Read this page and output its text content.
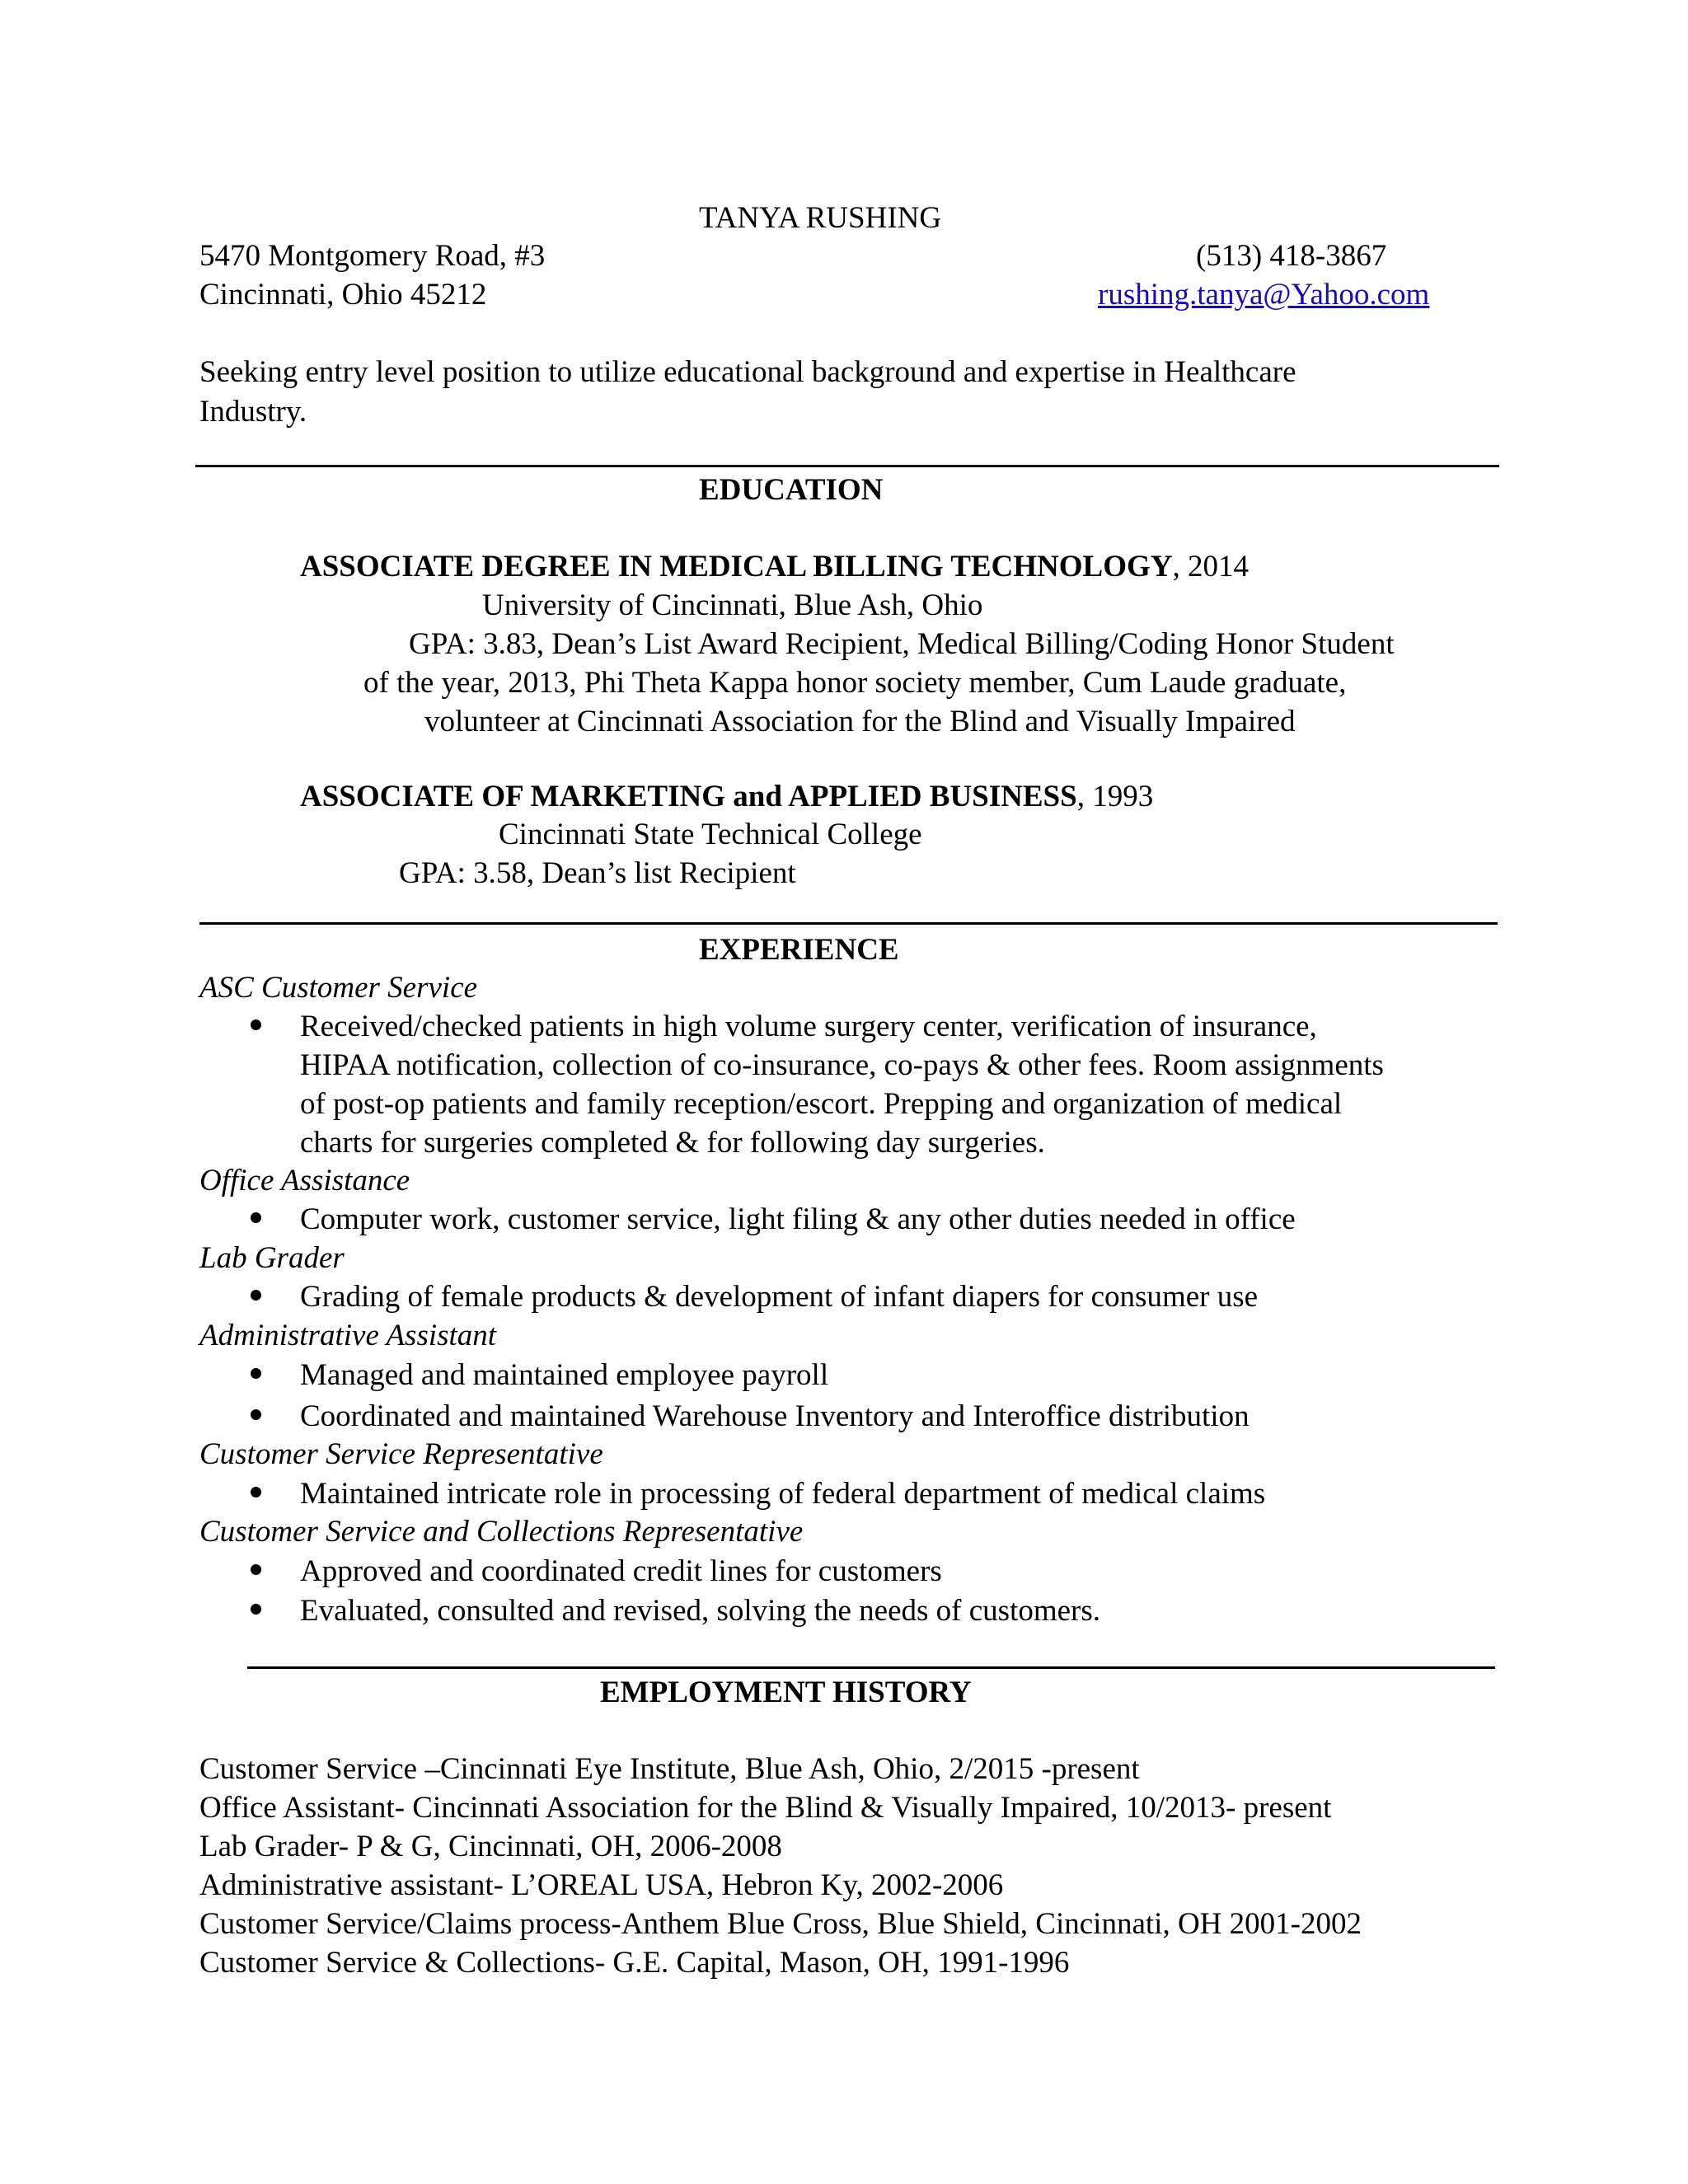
TANYA RUSHING
5470 Montgomery Road, #3
Cincinnati, Ohio 45212
(513) 418-3867
rushing.tanya@Yahoo.com
Seeking entry level position to utilize educational background and expertise in Healthcare
Industry.
EDUCATION
ASSOCIATE DEGREE IN MEDICAL BILLING TECHNOLOGY, 2014
University of Cincinnati, Blue Ash, Ohio
GPA: 3.83, Dean’s List Award Recipient, Medical Billing/Coding Honor Student
of the year, 2013, Phi Theta Kappa honor society member, Cum Laude graduate,
volunteer at Cincinnati Association for the Blind and Visually Impaired
ASSOCIATE OF MARKETING and APPLIED BUSINESS, 1993
Cincinnati State Technical College
GPA: 3.58, Dean’s list Recipient
EXPERIENCE
ASC Customer Service
Received/checked patients in high volume surgery center, verification of insurance,
HIPAA notification, collection of co-insurance, co-pays & other fees. Room assignments
of post-op patients and family reception/escort. Prepping and organization of medical
charts for surgeries completed & for following day surgeries.
Office Assistance
Computer work, customer service, light filing & any other duties needed in office
Lab Grader
Grading of female products & development of infant diapers for consumer use
Administrative Assistant
Managed and maintained employee payroll
Coordinated and maintained Warehouse Inventory and Interoffice distribution
Customer Service Representative
Maintained intricate role in processing of federal department of medical claims
Customer Service and Collections Representative
Approved and coordinated credit lines for customers
Evaluated, consulted and revised, solving the needs of customers.
EMPLOYMENT HISTORY
Customer Service –Cincinnati Eye Institute, Blue Ash, Ohio, 2/2015 -present
Office Assistant- Cincinnati Association for the Blind & Visually Impaired, 10/2013- present
Lab Grader- P & G, Cincinnati, OH, 2006-2008
Administrative assistant- L’OREAL USA, Hebron Ky, 2002-2006
Customer Service/Claims process-Anthem Blue Cross, Blue Shield, Cincinnati, OH 2001-2002
Customer Service & Collections- G.E. Capital, Mason, OH, 1991-1996
